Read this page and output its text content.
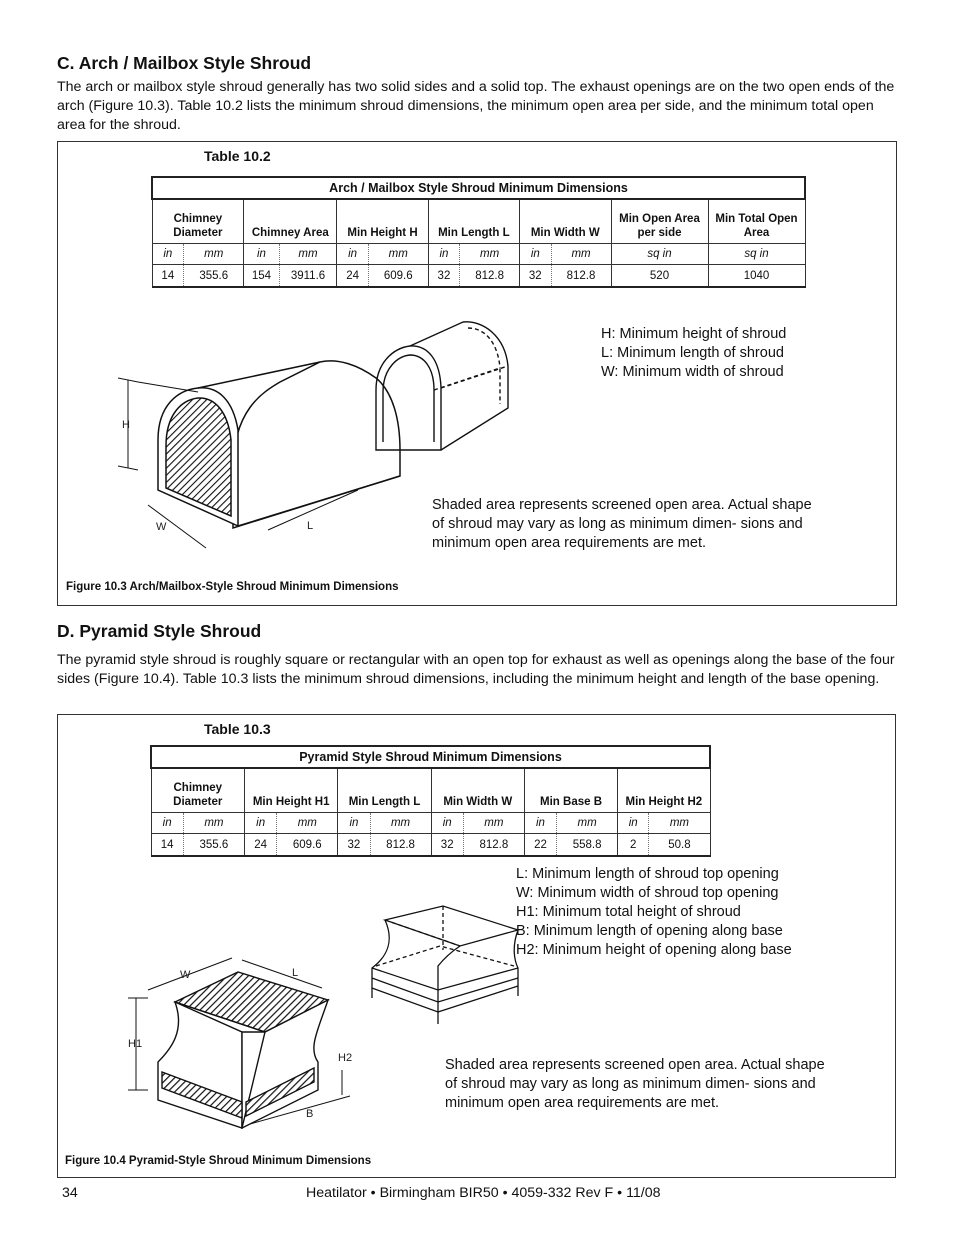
C. Arch / Mailbox Style Shroud

The arch or mailbox style shroud generally has two solid sides and a solid top. The exhaust openings are on the two open ends of the arch (Figure 10.3). Table 10.2 lists the minimum shroud dimensions, the minimum open area per side, and the minimum total open area for the shroud.

Table 10.2
Arch / Mailbox Style Shroud Minimum Dimensions											
Chimney Diameter		Chimney Area		Min Height H		Min Length L		Min Width W		Min Open Area per side	Min Total Open Area
in	mm	in	mm	in	mm	in	mm	in	mm	sq in	sq in
14	355.6	154	3911.6	24	609.6	32	812.8	32	812.8	520	1040
H
W	L
H: Minimum height of shroud
L: Minimum length of shroud
W: Minimum width of shroud
Shaded area represents screened open area. Actual shape of shroud may vary as long as minimum dimen- sions and minimum open area requirements are met.
Figure 10.3 Arch/Mailbox-Style Shroud Minimum Dimensions
D. Pyramid Style Shroud

The pyramid style shroud is roughly square or rectangular with an open top for exhaust as well as openings along the base of the four sides (Figure 10.4). Table 10.3 lists the minimum shroud dimensions, including the minimum height and length of the base opening.

Table 10.3
Pyramid Style Shroud Minimum Dimensions											
Chimney Diameter		Min Height H1		Min Length L		Min Width W		Min Base B		Min Height H2	
in	mm	in	mm	in	mm	in	mm	in	mm	in	mm
14	355.6	24	609.6	32	812.8	32	812.8	22	558.8	2	50.8
W	L
H1
H2
B
L: Minimum length of shroud top opening
W: Minimum width of shroud top opening
H1: Minimum total height of shroud
B: Minimum length of opening along base
H2: Minimum height of opening along base
Shaded area represents screened open area. Actual shape of shroud may vary as long as minimum dimen- sions and minimum open area requirements are met.
Figure 10.4 Pyramid-Style Shroud Minimum Dimensions
34	Heatilator • Birmingham BIR50 • 4059-332 Rev F • 11/08
